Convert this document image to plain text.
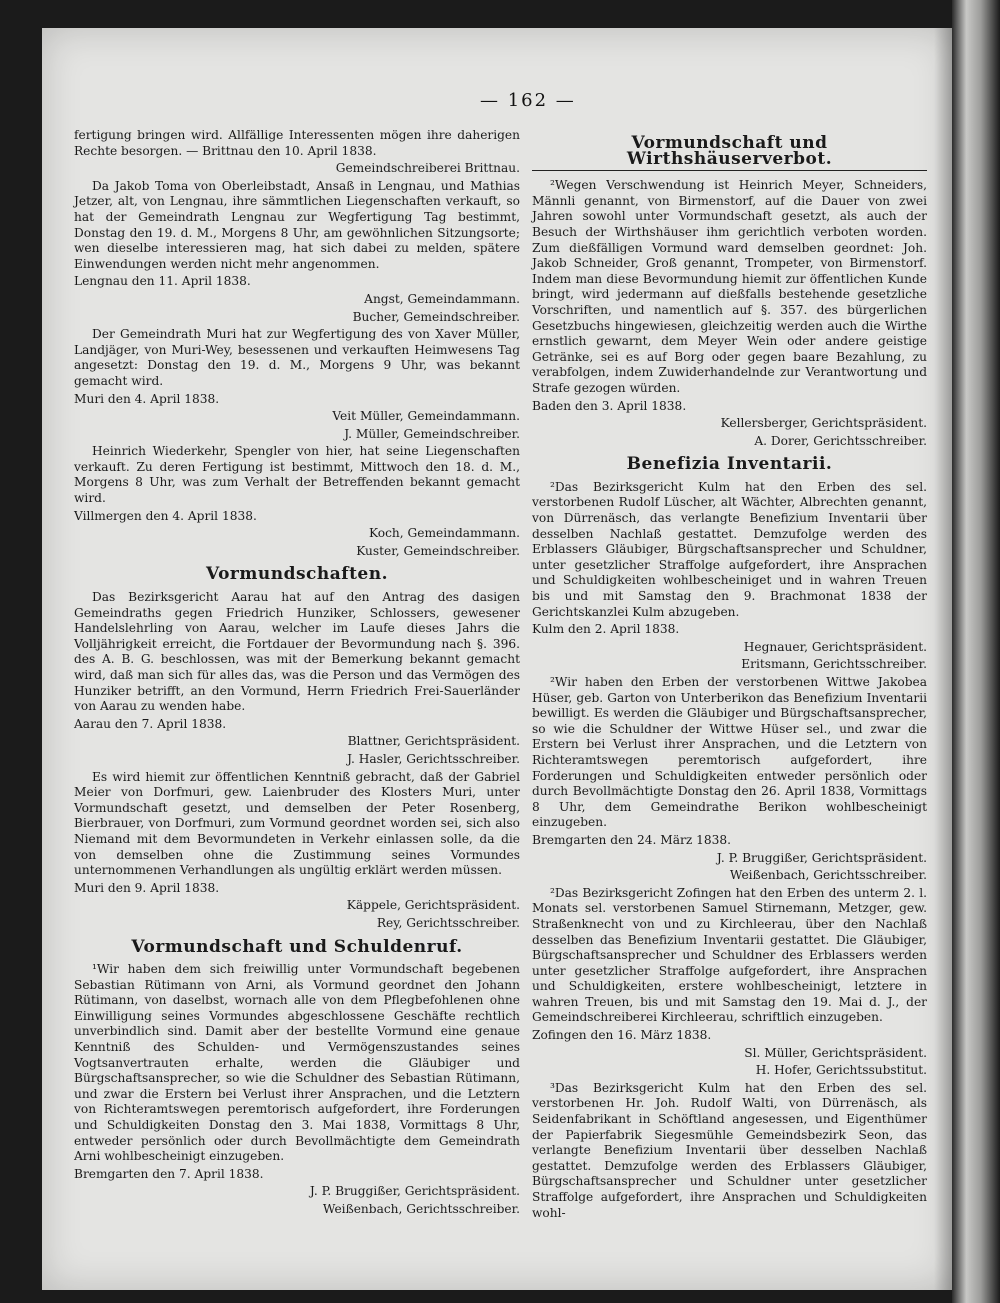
— 162 —

fertigung bringen wird. Allfällige Interessenten mögen ihre daherigen Rechte besorgen. — Brittnau den 10. April 1838.

Gemeindschreiberei Brittnau.

Da Jakob Toma von Oberleibstadt, Ansaß in Lengnau, und Mathias Jetzer, alt, von Lengnau, ihre sämmtlichen Liegenschaften verkauft, so hat der Gemeindrath Lengnau zur Wegfertigung Tag bestimmt, Donstag den 19. d. M., Morgens 8 Uhr, am gewöhnlichen Sitzungsorte; wen dieselbe interessieren mag, hat sich dabei zu melden, spätere Einwendungen werden nicht mehr angenommen.

Lengnau den 11. April 1838.

Angst, Gemeindammann.

Bucher, Gemeindschreiber.

Der Gemeindrath Muri hat zur Wegfertigung des von Xaver Müller, Landjäger, von Muri-Wey, besessenen und verkauften Heimwesens Tag angesetzt: Donstag den 19. d. M., Morgens 9 Uhr, was bekannt gemacht wird.

Muri den 4. April 1838.

Veit Müller, Gemeindammann.

J. Müller, Gemeindschreiber.

Heinrich Wiederkehr, Spengler von hier, hat seine Liegenschaften verkauft. Zu deren Fertigung ist bestimmt, Mittwoch den 18. d. M., Morgens 8 Uhr, was zum Verhalt der Betreffenden bekannt gemacht wird.

Villmergen den 4. April 1838.

Koch, Gemeindammann.

Kuster, Gemeindschreiber.

Vormundschaften.

Das Bezirksgericht Aarau hat auf den Antrag des dasigen Gemeindraths gegen Friedrich Hunziker, Schlossers, gewesener Handelslehrling von Aarau, welcher im Laufe dieses Jahrs die Volljährigkeit erreicht, die Fortdauer der Bevormundung nach §. 396. des A. B. G. beschlossen, was mit der Bemerkung bekannt gemacht wird, daß man sich für alles das, was die Person und das Vermögen des Hunziker betrifft, an den Vormund, Herrn Friedrich Frei-Sauerländer von Aarau zu wenden habe.

Aarau den 7. April 1838.

Blattner, Gerichtspräsident.

J. Hasler, Gerichtsschreiber.

Es wird hiemit zur öffentlichen Kenntniß gebracht, daß der Gabriel Meier von Dorfmuri, gew. Laienbruder des Klosters Muri, unter Vormundschaft gesetzt, und demselben der Peter Rosenberg, Bierbrauer, von Dorfmuri, zum Vormund geordnet worden sei, sich also Niemand mit dem Bevormundeten in Verkehr einlassen solle, da die von demselben ohne die Zustimmung seines Vormundes unternommenen Verhandlungen als ungültig erklärt werden müssen.

Muri den 9. April 1838.

Käppele, Gerichtspräsident.

Rey, Gerichtsschreiber.

Vormundschaft und Schuldenruf.

¹Wir haben dem sich freiwillig unter Vormundschaft begebenen Sebastian Rütimann von Arni, als Vormund geordnet den Johann Rütimann, von daselbst, wornach alle von dem Pflegbefohlenen ohne Einwilligung seines Vormundes abgeschlossene Geschäfte rechtlich unverbindlich sind. Damit aber der bestellte Vormund eine genaue Kenntniß des Schulden- und Vermögenszustandes seines Vogtsanvertrauten erhalte, werden die Gläubiger und Bürgschaftsansprecher, so wie die Schuldner des Sebastian Rütimann, und zwar die Erstern bei Verlust ihrer Ansprachen, und die Letztern von Richteramtswegen peremtorisch aufgefordert, ihre Forderungen und Schuldigkeiten Donstag den 3. Mai 1838, Vormittags 8 Uhr, entweder persönlich oder durch Bevollmächtigte dem Gemeindrath Arni wohlbescheinigt einzugeben.

Bremgarten den 7. April 1838.

J. P. Bruggißer, Gerichtspräsident.

Weißenbach, Gerichtsschreiber.

Vormundschaft und Wirthshäuserverbot.

²Wegen Verschwendung ist Heinrich Meyer, Schneiders, Männli genannt, von Birmenstorf, auf die Dauer von zwei Jahren sowohl unter Vormundschaft gesetzt, als auch der Besuch der Wirthshäuser ihm gerichtlich verboten worden. Zum dießfälligen Vormund ward demselben geordnet: Joh. Jakob Schneider, Groß genannt, Trompeter, von Birmenstorf. Indem man diese Bevormundung hiemit zur öffentlichen Kunde bringt, wird jedermann auf dießfalls bestehende gesetzliche Vorschriften, und namentlich auf §. 357. des bürgerlichen Gesetzbuchs hingewiesen, gleichzeitig werden auch die Wirthe ernstlich gewarnt, dem Meyer Wein oder andere geistige Getränke, sei es auf Borg oder gegen baare Bezahlung, zu verabfolgen, indem Zuwiderhandelnde zur Verantwortung und Strafe gezogen würden.

Baden den 3. April 1838.

Kellersberger, Gerichtspräsident.

A. Dorer, Gerichtsschreiber.

Benefizia Inventarii.

²Das Bezirksgericht Kulm hat den Erben des sel. verstorbenen Rudolf Lüscher, alt Wächter, Albrechten genannt, von Dürrenäsch, das verlangte Benefizium Inventarii über desselben Nachlaß gestattet. Demzufolge werden des Erblassers Gläubiger, Bürgschaftsansprecher und Schuldner, unter gesetzlicher Straffolge aufgefordert, ihre Ansprachen und Schuldigkeiten wohlbescheiniget und in wahren Treuen bis und mit Samstag den 9. Brachmonat 1838 der Gerichtskanzlei Kulm abzugeben.

Kulm den 2. April 1838.

Hegnauer, Gerichtspräsident.

Eritsmann, Gerichtsschreiber.

²Wir haben den Erben der verstorbenen Wittwe Jakobea Hüser, geb. Garton von Unterberikon das Benefizium Inventarii bewilligt. Es werden die Gläubiger und Bürgschaftsansprecher, so wie die Schuldner der Wittwe Hüser sel., und zwar die Erstern bei Verlust ihrer Ansprachen, und die Letztern von Richteramtswegen peremtorisch aufgefordert, ihre Forderungen und Schuldigkeiten entweder persönlich oder durch Bevollmächtigte Donstag den 26. April 1838, Vormittags 8 Uhr, dem Gemeindrathe Berikon wohlbescheinigt einzugeben.

Bremgarten den 24. März 1838.

J. P. Bruggißer, Gerichtspräsident.

Weißenbach, Gerichtsschreiber.

²Das Bezirksgericht Zofingen hat den Erben des unterm 2. l. Monats sel. verstorbenen Samuel Stirnemann, Metzger, gew. Straßenknecht von und zu Kirchleerau, über den Nachlaß desselben das Benefizium Inventarii gestattet. Die Gläubiger, Bürgschaftsansprecher und Schuldner des Erblassers werden unter gesetzlicher Straffolge aufgefordert, ihre Ansprachen und Schuldigkeiten, erstere wohlbescheinigt, letztere in wahren Treuen, bis und mit Samstag den 19. Mai d. J., der Gemeindschreiberei Kirchleerau, schriftlich einzugeben.

Zofingen den 16. März 1838.

Sl. Müller, Gerichtspräsident.

H. Hofer, Gerichtssubstitut.

³Das Bezirksgericht Kulm hat den Erben des sel. verstorbenen Hr. Joh. Rudolf Walti, von Dürrenäsch, als Seidenfabrikant in Schöftland angesessen, und Eigenthümer der Papierfabrik Siegesmühle Gemeindsbezirk Seon, das verlangte Benefizium Inventarii über desselben Nachlaß gestattet. Demzufolge werden des Erblassers Gläubiger, Bürgschaftsansprecher und Schuldner unter gesetzlicher Straffolge aufgefordert, ihre Ansprachen und Schuldigkeiten wohl-
